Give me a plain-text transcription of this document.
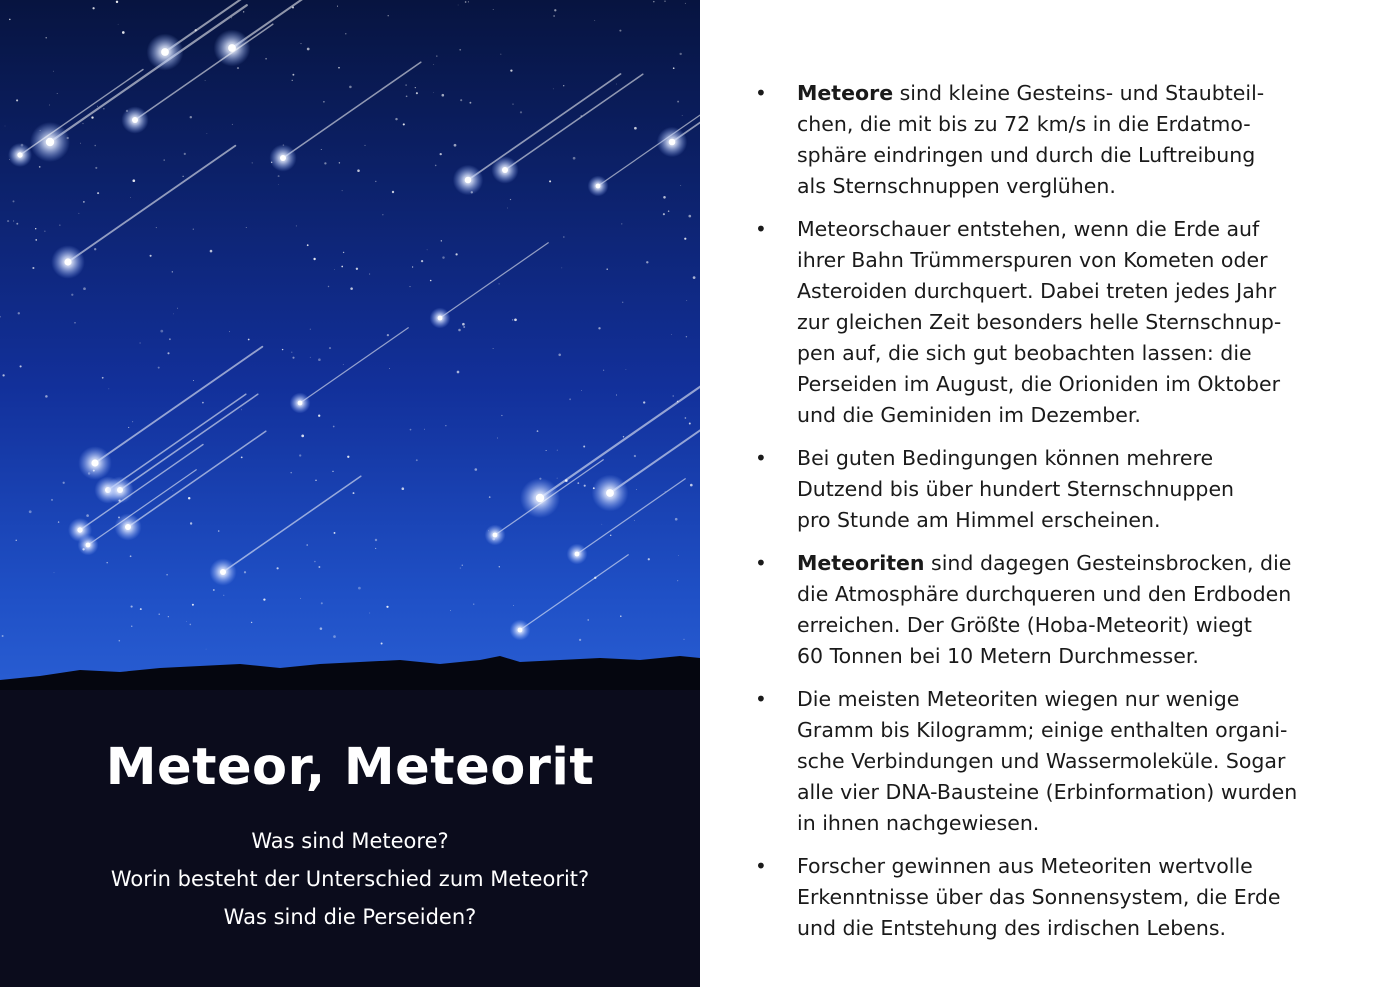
Meteor, Meteorit
Was sind Meteore?
Worin besteht der Unterschied zum Meteorit?
Was sind die Perseiden?
• Meteore sind kleine Gesteins- und Staubteil-
chen, die mit bis zu 72 km/s in die Erdatmo-
sphäre eindringen und durch die Luftreibung
als Sternschnuppen verglühen.
• Meteorschauer entstehen, wenn die Erde auf
ihrer Bahn Trümmerspuren von Kometen oder
Asteroiden durchquert. Dabei treten jedes Jahr
zur gleichen Zeit besonders helle Sternschnup-
pen auf, die sich gut beobachten lassen: die
Perseiden im August, die Orioniden im Oktober
und die Geminiden im Dezember.
• Bei guten Bedingungen können mehrere
Dutzend bis über hundert Sternschnuppen
pro Stunde am Himmel erscheinen.
• Meteoriten sind dagegen Gesteinsbrocken, die
die Atmosphäre durchqueren und den Erdboden
erreichen. Der Größte (Hoba-Meteorit) wiegt
60 Tonnen bei 10 Metern Durchmesser.
• Die meisten Meteoriten wiegen nur wenige
Gramm bis Kilogramm; einige enthalten organi-
sche Verbindungen und Wassermoleküle. Sogar
alle vier DNA-Bausteine (Erbinformation) wurden
in ihnen nachgewiesen.
• Forscher gewinnen aus Meteoriten wertvolle
Erkenntnisse über das Sonnensystem, die Erde
und die Entstehung des irdischen Lebens.
